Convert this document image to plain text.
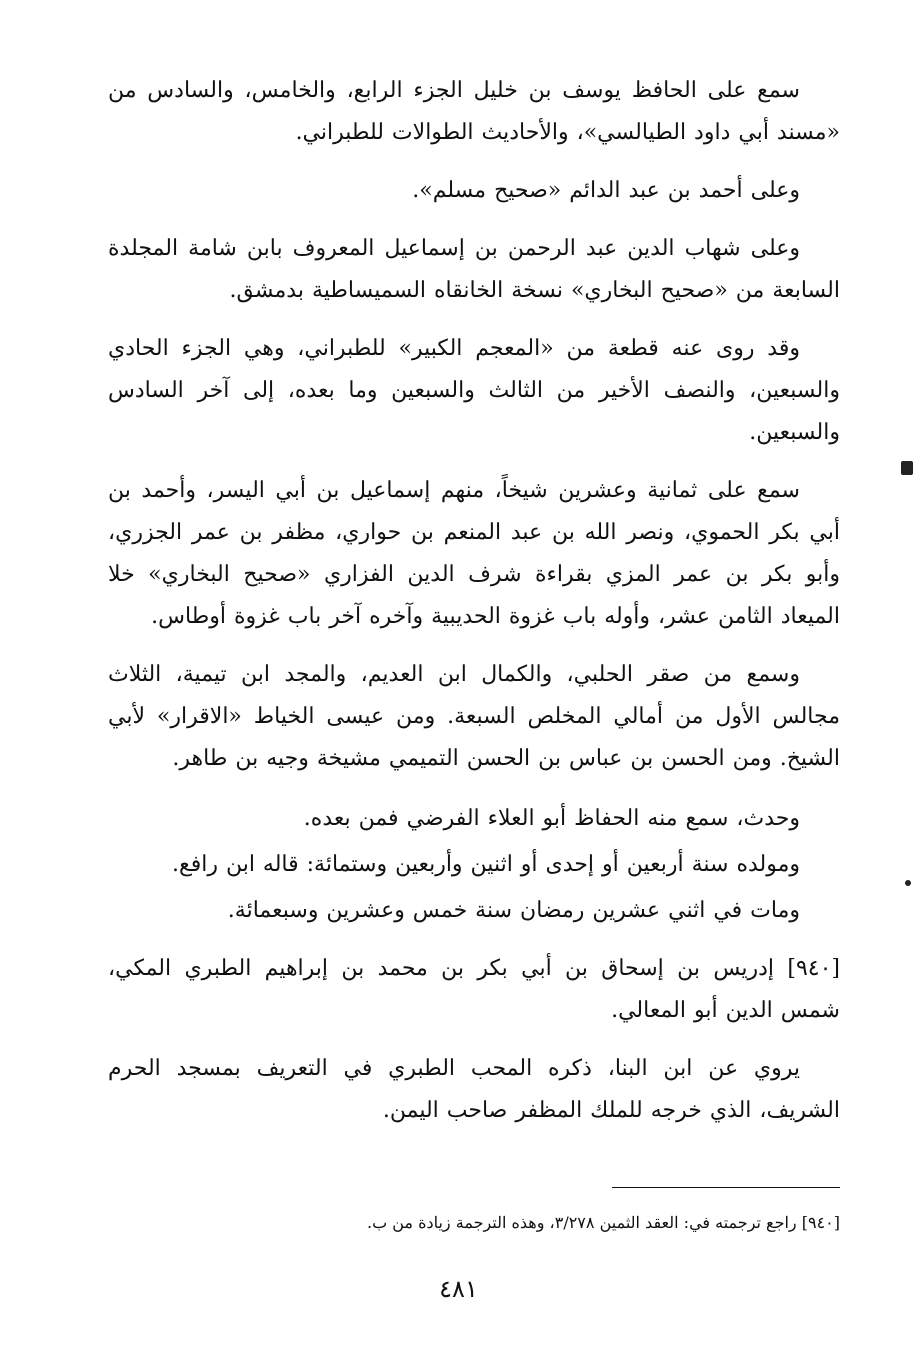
سمع على الحافظ يوسف بن خليل الجزء الرابع، والخامس، والسادس من «مسند أبي داود الطيالسي»، والأحاديث الطوالات للطبراني.

وعلى أحمد بن عبد الدائم «صحيح مسلم».

وعلى شهاب الدين عبد الرحمن بن إسماعيل المعروف بابن شامة المجلدة السابعة من «صحيح البخاري» نسخة الخانقاه السميساطية بدمشق.

وقد روى عنه قطعة من «المعجم الكبير» للطبراني، وهي الجزء الحادي والسبعين، والنصف الأخير من الثالث والسبعين وما بعده، إلى آخر السادس والسبعين.

سمع على ثمانية وعشرين شيخاً، منهم إسماعيل بن أبي اليسر، وأحمد بن أبي بكر الحموي، ونصر الله بن عبد المنعم بن حواري، مظفر بن عمر الجزري، وأبو بكر بن عمر المزي بقراءة شرف الدين الفزاري «صحيح البخاري» خلا الميعاد الثامن عشر، وأوله باب غزوة الحديبية وآخره آخر باب غزوة أوطاس.

وسمع من صقر الحلبي، والكمال ابن العديم، والمجد ابن تيمية، الثلاث مجالس الأول من أمالي المخلص السبعة. ومن عيسى الخياط «الاقرار» لأبي الشيخ. ومن الحسن بن عباس بن الحسن التميمي مشيخة وجيه بن طاهر.

وحدث، سمع منه الحفاظ أبو العلاء الفرضي فمن بعده.

ومولده سنة أربعين أو إحدى أو اثنين وأربعين وستمائة: قاله ابن رافع.

ومات في اثني عشرين رمضان سنة خمس وعشرين وسبعمائة.

[٩٤٠] إدريس بن إسحاق بن أبي بكر بن محمد بن إبراهيم الطبري المكي، شمس الدين أبو المعالي.

يروي عن ابن البنا، ذكره المحب الطبري في التعريف بمسجد الحرم الشريف، الذي خرجه للملك المظفر صاحب اليمن.

[٩٤٠] راجع ترجمته في: العقد الثمين ٣/٢٧٨، وهذه الترجمة زيادة من ب.
٤٨١
